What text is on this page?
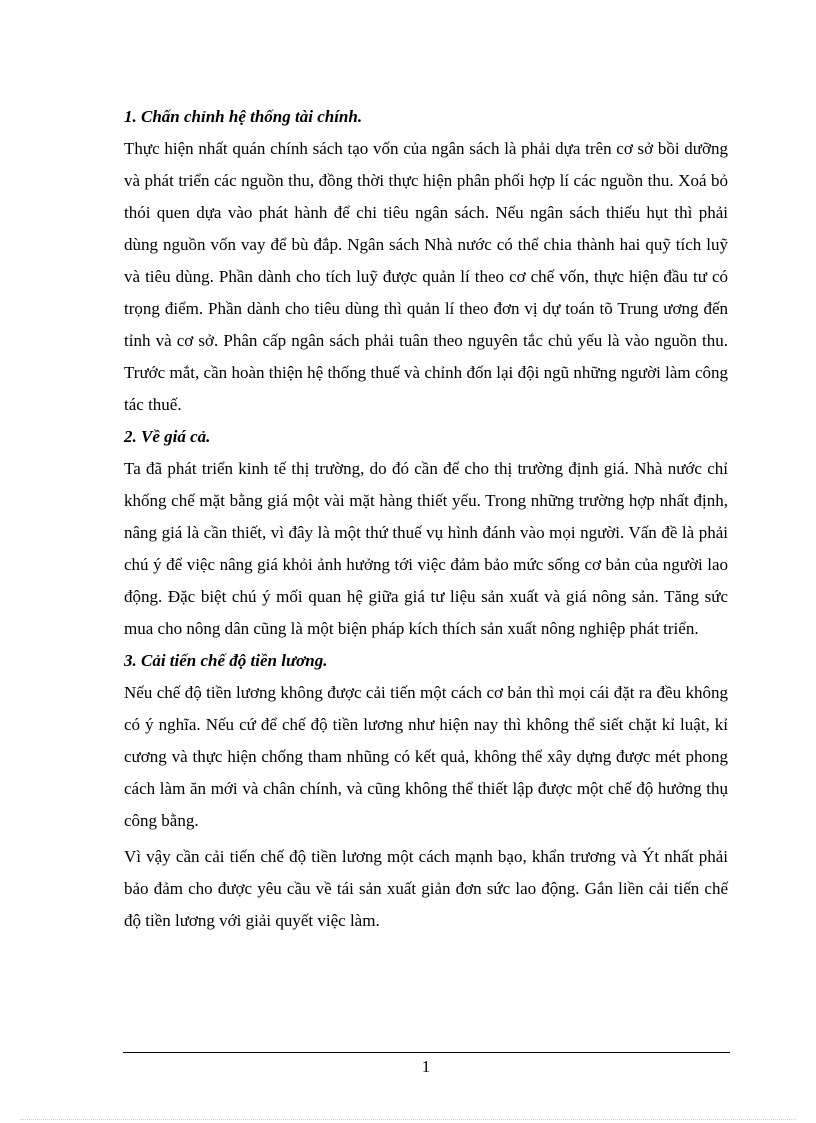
1. Chấn chỉnh hệ thống tài chính.

Thực hiện nhất quán chính sách tạo vốn của ngân sách là phải dựa trên cơ sở bồi dưỡng và phát triển các nguồn thu, đồng thời thực hiện phân phối hợp lí các nguồn thu. Xoá bỏ thói quen dựa vào phát hành để chi tiêu ngân sách. Nếu ngân sách thiếu hụt thì phải dùng nguồn vốn vay để bù đắp. Ngân sách Nhà nước có thể chia thành hai quỹ tích luỹ và tiêu dùng. Phần dành cho tích luỹ được quản lí theo cơ chế vốn, thực hiện đầu tư có trọng điểm. Phần dành cho tiêu dùng thì quản lí theo đơn vị dự toán tõ Trung ương đến tỉnh và cơ sở. Phân cấp ngân sách phải tuân theo nguyên tắc chủ yếu là vào nguồn thu. Trước mắt, cần hoàn thiện hệ thống thuế và chỉnh đốn lại đội ngũ những người làm công tác thuế.

2. Về giá cả.

Ta đã phát triển kinh tế thị trường, do đó cần để cho thị trường định giá. Nhà nước chỉ khống chế mặt bằng giá một vài mặt hàng thiết yếu. Trong những trường hợp nhất định, nâng giá là cần thiết, vì đây là một thứ thuế vụ hình đánh vào mọi người. Vấn đề là phải chú ý để việc nâng giá khỏi ảnh hưởng tới việc đảm bảo mức sống cơ bản của người lao động. Đặc biệt chú ý mối quan hệ giữa giá tư liệu sản xuất và giá nông sản. Tăng sức mua cho nông dân cũng là một biện pháp kích thích sản xuất nông nghiệp phát triển.

3. Cải tiến chế độ tiền lương.

Nếu chế độ tiền lương không được cải tiến một cách cơ bản thì mọi cái đặt ra đều không có ý nghĩa. Nếu cứ để chế độ tiền lương như hiện nay thì không thể siết chặt kỉ luật, kỉ cương và thực hiện chống tham nhũng có kết quả, không thể xây dựng được mét phong cách làm ăn mới và chân chính, và cũng không thể thiết lập được một chế độ hưởng thụ công bằng.

Vì vậy cần cải tiến chế độ tiền lương một cách mạnh bạo, khẩn trương và Ýt nhất phải bảo đảm cho được yêu cầu về tái sản xuất giản đơn sức lao động. Gắn liền cải tiến chế độ tiền lương với giải quyết việc làm.

1
